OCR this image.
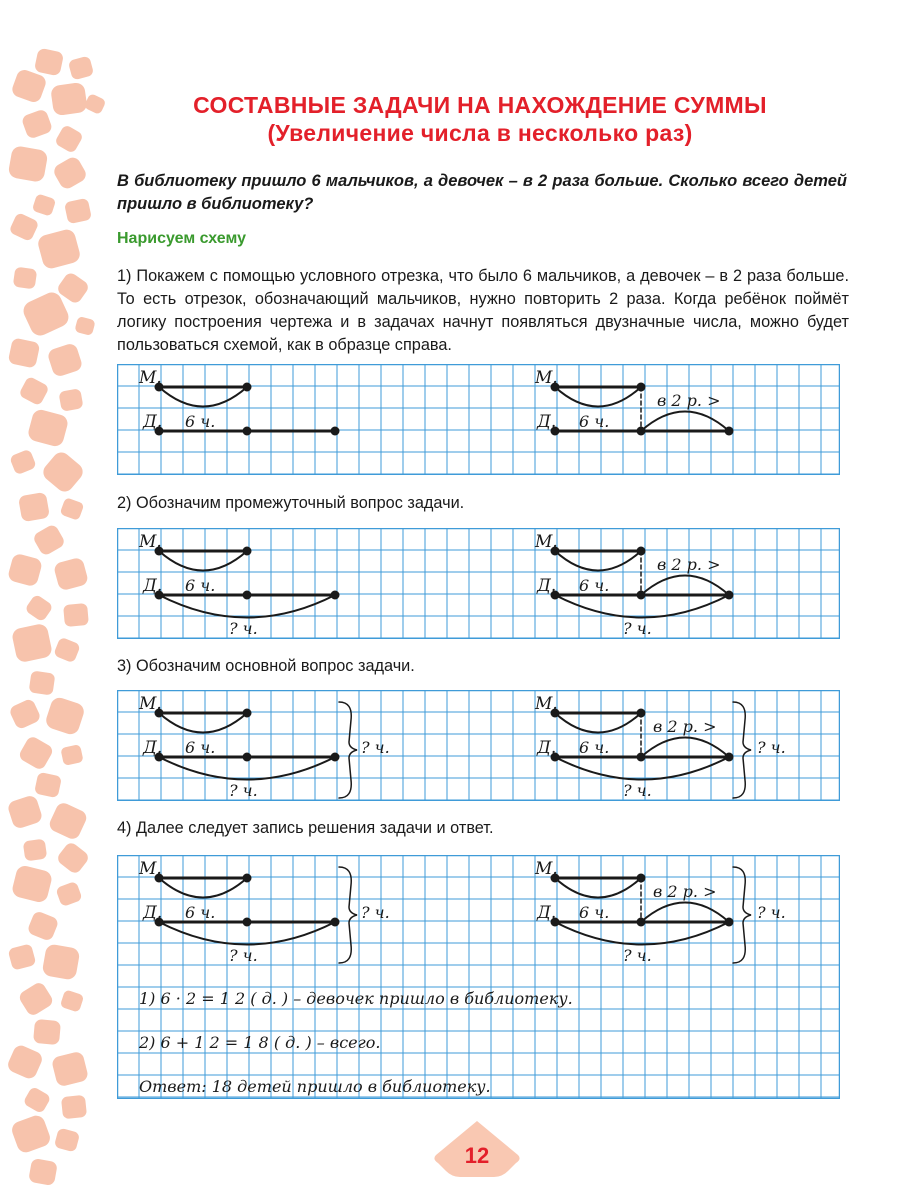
СОСТАВНЫЕ ЗАДАЧИ НА НАХОЖДЕНИЕ СУММЫ
(Увеличение числа в несколько раз)
В библиотеку пришло 6 мальчиков, а девочек – в 2 раза больше. Сколько всего детей пришло в библиотеку?
Нарисуем схему
1) Покажем с помощью условного отрезка, что было 6 мальчиков, а девочек – в 2 раза больше. То есть отрезок, обозначающий мальчиков, нужно повторить 2 раза. Когда ребёнок поймёт логику построения чертежа и в задачах начнут появляться двузначные числа, можно будет пользоваться схемой, как в образце справа.
2) Обозначим промежуточный вопрос задачи.
3) Обозначим основной вопрос задачи.
4) Далее следует запись решения задачи и ответ.
М.
Д. 6 ч.
М.
Д. 6 ч.
в 2 р. >
М.
Д. 6 ч.
? ч.
М.
Д. 6 ч.
в 2 р. >
? ч.
М.
Д. 6 ч.
? ч.
? ч.
М.
Д. 6 ч.
в 2 р. >
? ч.
? ч.
М.
Д. 6 ч.
? ч.
? ч.
М.
Д. 6 ч.
в 2 р. >
? ч.
? ч.
1) 6 · 2 = 1 2 ( д. ) – девочек пришло в библиотеку.
2) 6 + 1 2 = 1 8 ( д. ) – всего.
Ответ: 18 детей пришло в библиотеку.
12
